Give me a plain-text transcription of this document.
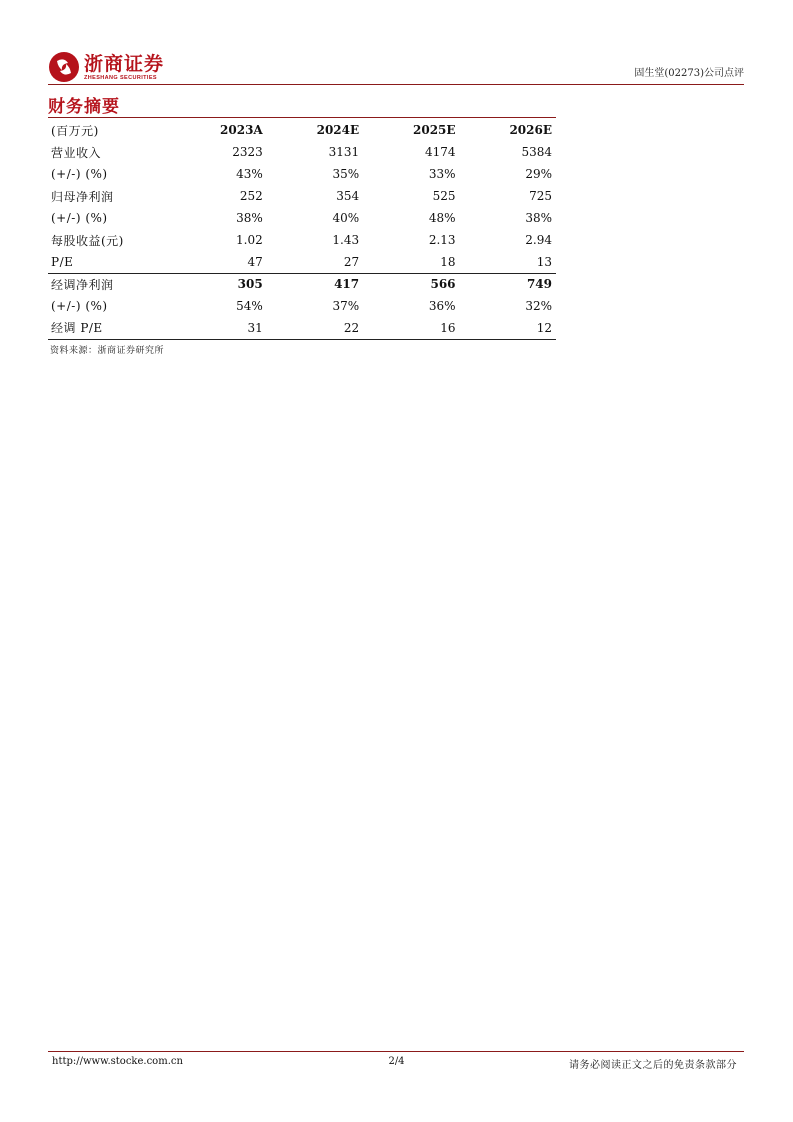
浙商证券
ZHESHANG SECURITIES	固生堂(02273)公司点评
财务摘要
(百万元)	2023A	2024E	2025E	2026E
营业收入	2323	3131	4174	5384
(+/-) (%)	43%	35%	33%	29%
归母净利润	252	354	525	725
(+/-) (%)	38%	40%	48%	38%
每股收益(元)	1.02	1.43	2.13	2.94
P/E	47	27	18	13
经调净利润	305	417	566	749
(+/-) (%)	54%	37%	36%	32%
经调 P/E	31	22	16	12
资料来源：浙商证券研究所
http://www.stocke.com.cn	2/4	请务必阅读正文之后的免责条款部分
